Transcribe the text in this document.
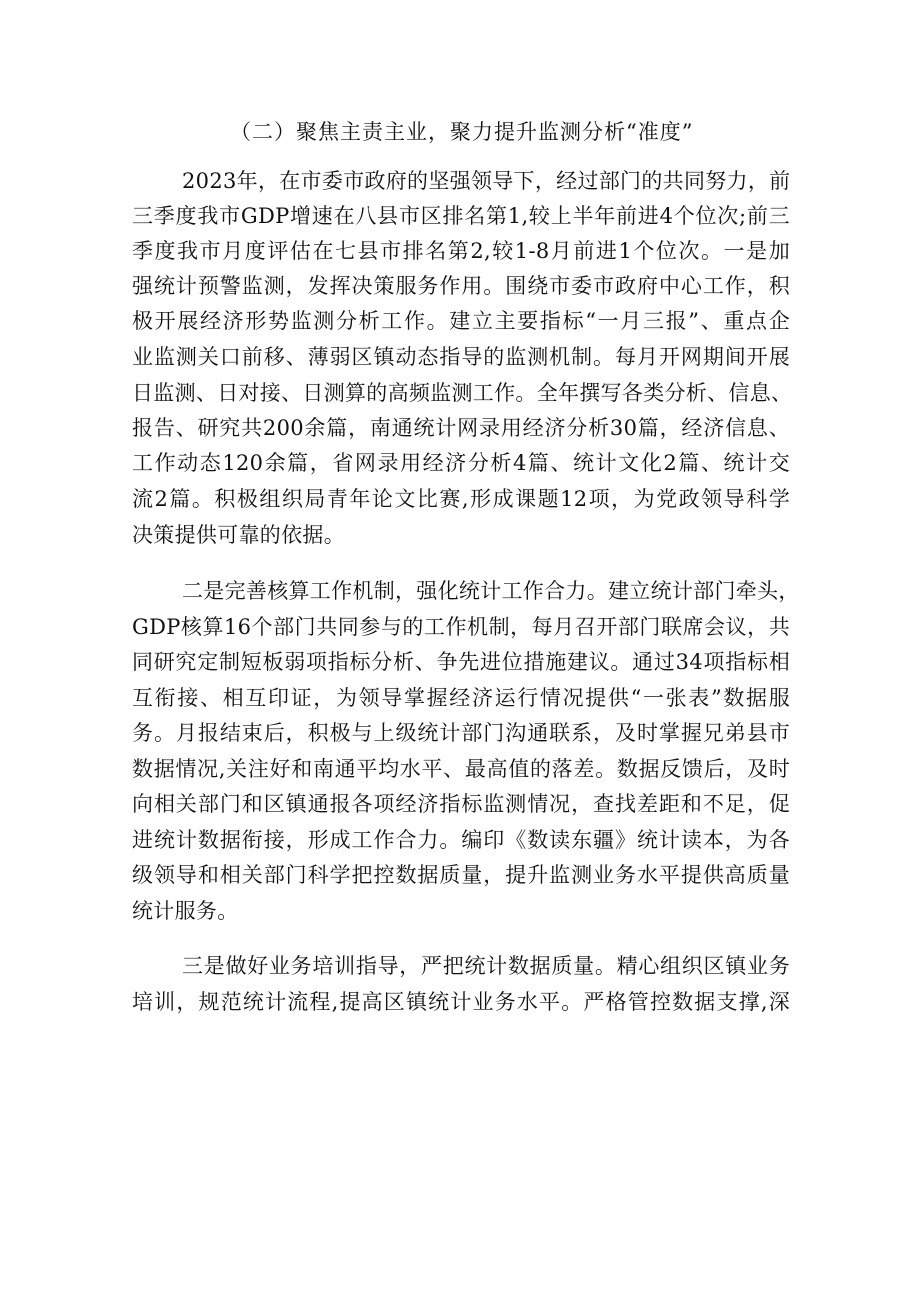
（二）聚焦主责主业，聚力提升监测分析“准度”
2023年，在市委市政府的坚强领导下，经过部门的共同努力，前
三季度我市GDP增速在八县市区排名第1,较上半年前进4个位次;前三
季度我市月度评估在七县市排名第2,较1-8月前进1个位次。一是加
强统计预警监测，发挥决策服务作用。围绕市委市政府中心工作，积
极开展经济形势监测分析工作。建立主要指标“一月三报”、重点企
业监测关口前移、薄弱区镇动态指导的监测机制。每月开网期间开展
日监测、日对接、日测算的高频监测工作。全年撰写各类分析、信息、
报告、研究共200余篇，南通统计网录用经济分析30篇，经济信息、
工作动态120余篇，省网录用经济分析4篇、统计文化2篇、统计交
流2篇。积极组织局青年论文比赛,形成课题12项，为党政领导科学
决策提供可靠的依据。
二是完善核算工作机制，强化统计工作合力。建立统计部门牵头，
GDP核算16个部门共同参与的工作机制，每月召开部门联席会议，共
同研究定制短板弱项指标分析、争先进位措施建议。通过34项指标相
互衔接、相互印证，为领导掌握经济运行情况提供“一张表”数据服
务。月报结束后，积极与上级统计部门沟通联系，及时掌握兄弟县市
数据情况,关注好和南通平均水平、最高值的落差。数据反馈后，及时
向相关部门和区镇通报各项经济指标监测情况，查找差距和不足，促
进统计数据衔接，形成工作合力。编印《数读东疆》统计读本，为各
级领导和相关部门科学把控数据质量，提升监测业务水平提供高质量
统计服务。
三是做好业务培训指导，严把统计数据质量。精心组织区镇业务
培训，规范统计流程,提高区镇统计业务水平。严格管控数据支撑,深
